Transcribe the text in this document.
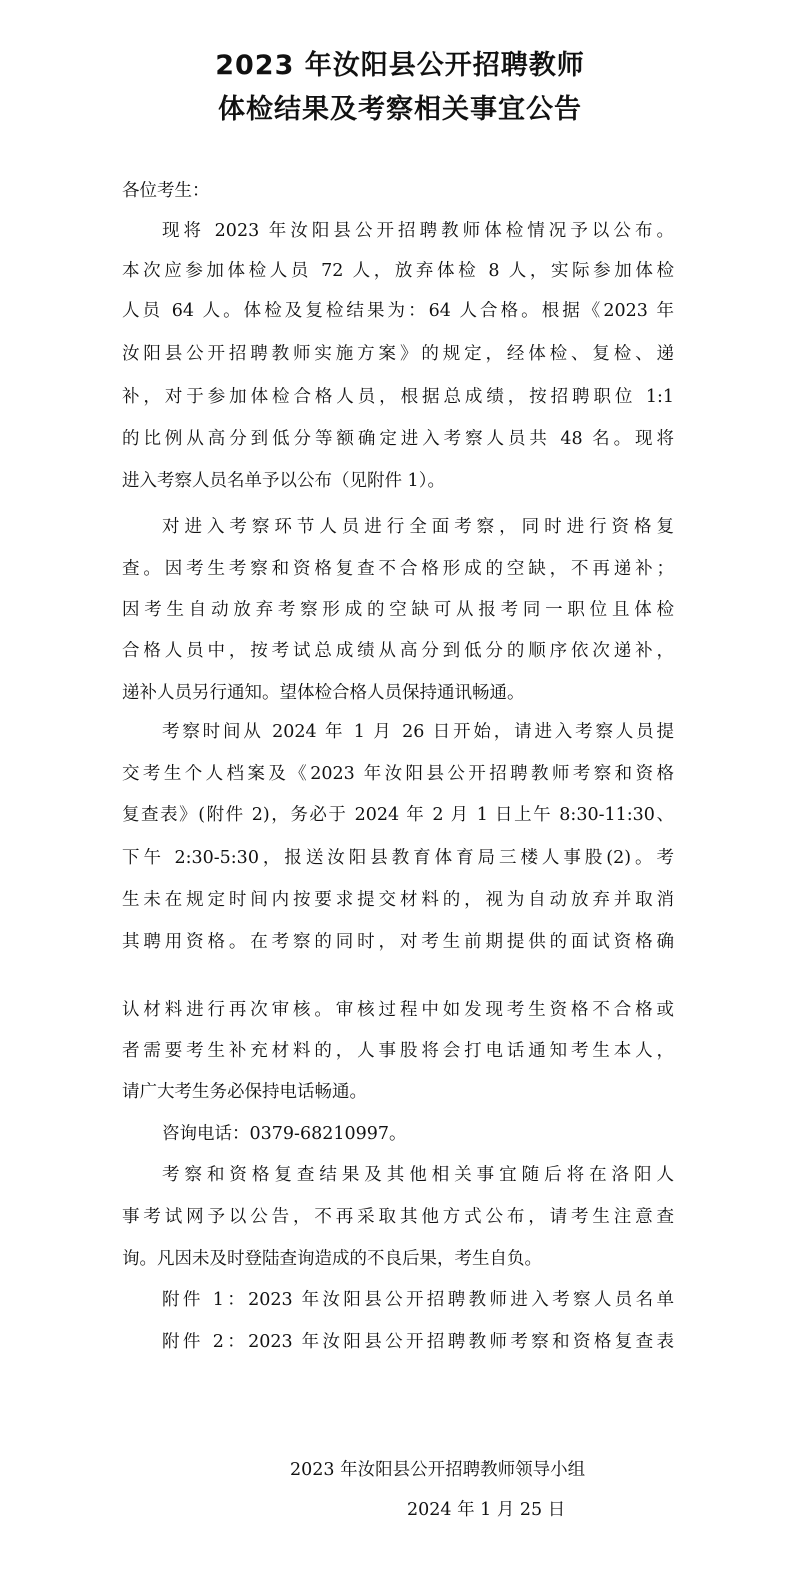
2023 年汝阳县公开招聘教师
体检结果及考察相关事宜公告
各位考生：
现将 2023 年汝阳县公开招聘教师体检情况予以公布。
本次应参加体检人员 72 人，放弃体检 8 人，实际参加体检
人员 64 人。体检及复检结果为：64 人合格。根据《2023 年
汝阳县公开招聘教师实施方案》的规定，经体检、复检、递
补，对于参加体检合格人员，根据总成绩，按招聘职位 1:1
的比例从高分到低分等额确定进入考察人员共 48 名。现将
进入考察人员名单予以公布（见附件 1）。
对进入考察环节人员进行全面考察，同时进行资格复
查。因考生考察和资格复查不合格形成的空缺，不再递补；
因考生自动放弃考察形成的空缺可从报考同一职位且体检
合格人员中，按考试总成绩从高分到低分的顺序依次递补，
递补人员另行通知。望体检合格人员保持通讯畅通。
考察时间从 2024 年 1 月 26 日开始，请进入考察人员提
交考生个人档案及《2023 年汝阳县公开招聘教师考察和资格
复查表》(附件 2)，务必于 2024 年 2 月 1 日上午 8:30-11:30、
下午 2:30-5:30，报送汝阳县教育体育局三楼人事股(2)。考
生未在规定时间内按要求提交材料的，视为自动放弃并取消
其聘用资格。在考察的同时，对考生前期提供的面试资格确
认材料进行再次审核。审核过程中如发现考生资格不合格或
者需要考生补充材料的，人事股将会打电话通知考生本人，
请广大考生务必保持电话畅通。
咨询电话：0379-68210997。
考察和资格复查结果及其他相关事宜随后将在洛阳人
事考试网予以公告，不再采取其他方式公布，请考生注意查
询。凡因未及时登陆查询造成的不良后果，考生自负。
附件 1：2023 年汝阳县公开招聘教师进入考察人员名单
附件 2：2023 年汝阳县公开招聘教师考察和资格复查表
2023 年汝阳县公开招聘教师领导小组
2024 年 1 月 25 日
